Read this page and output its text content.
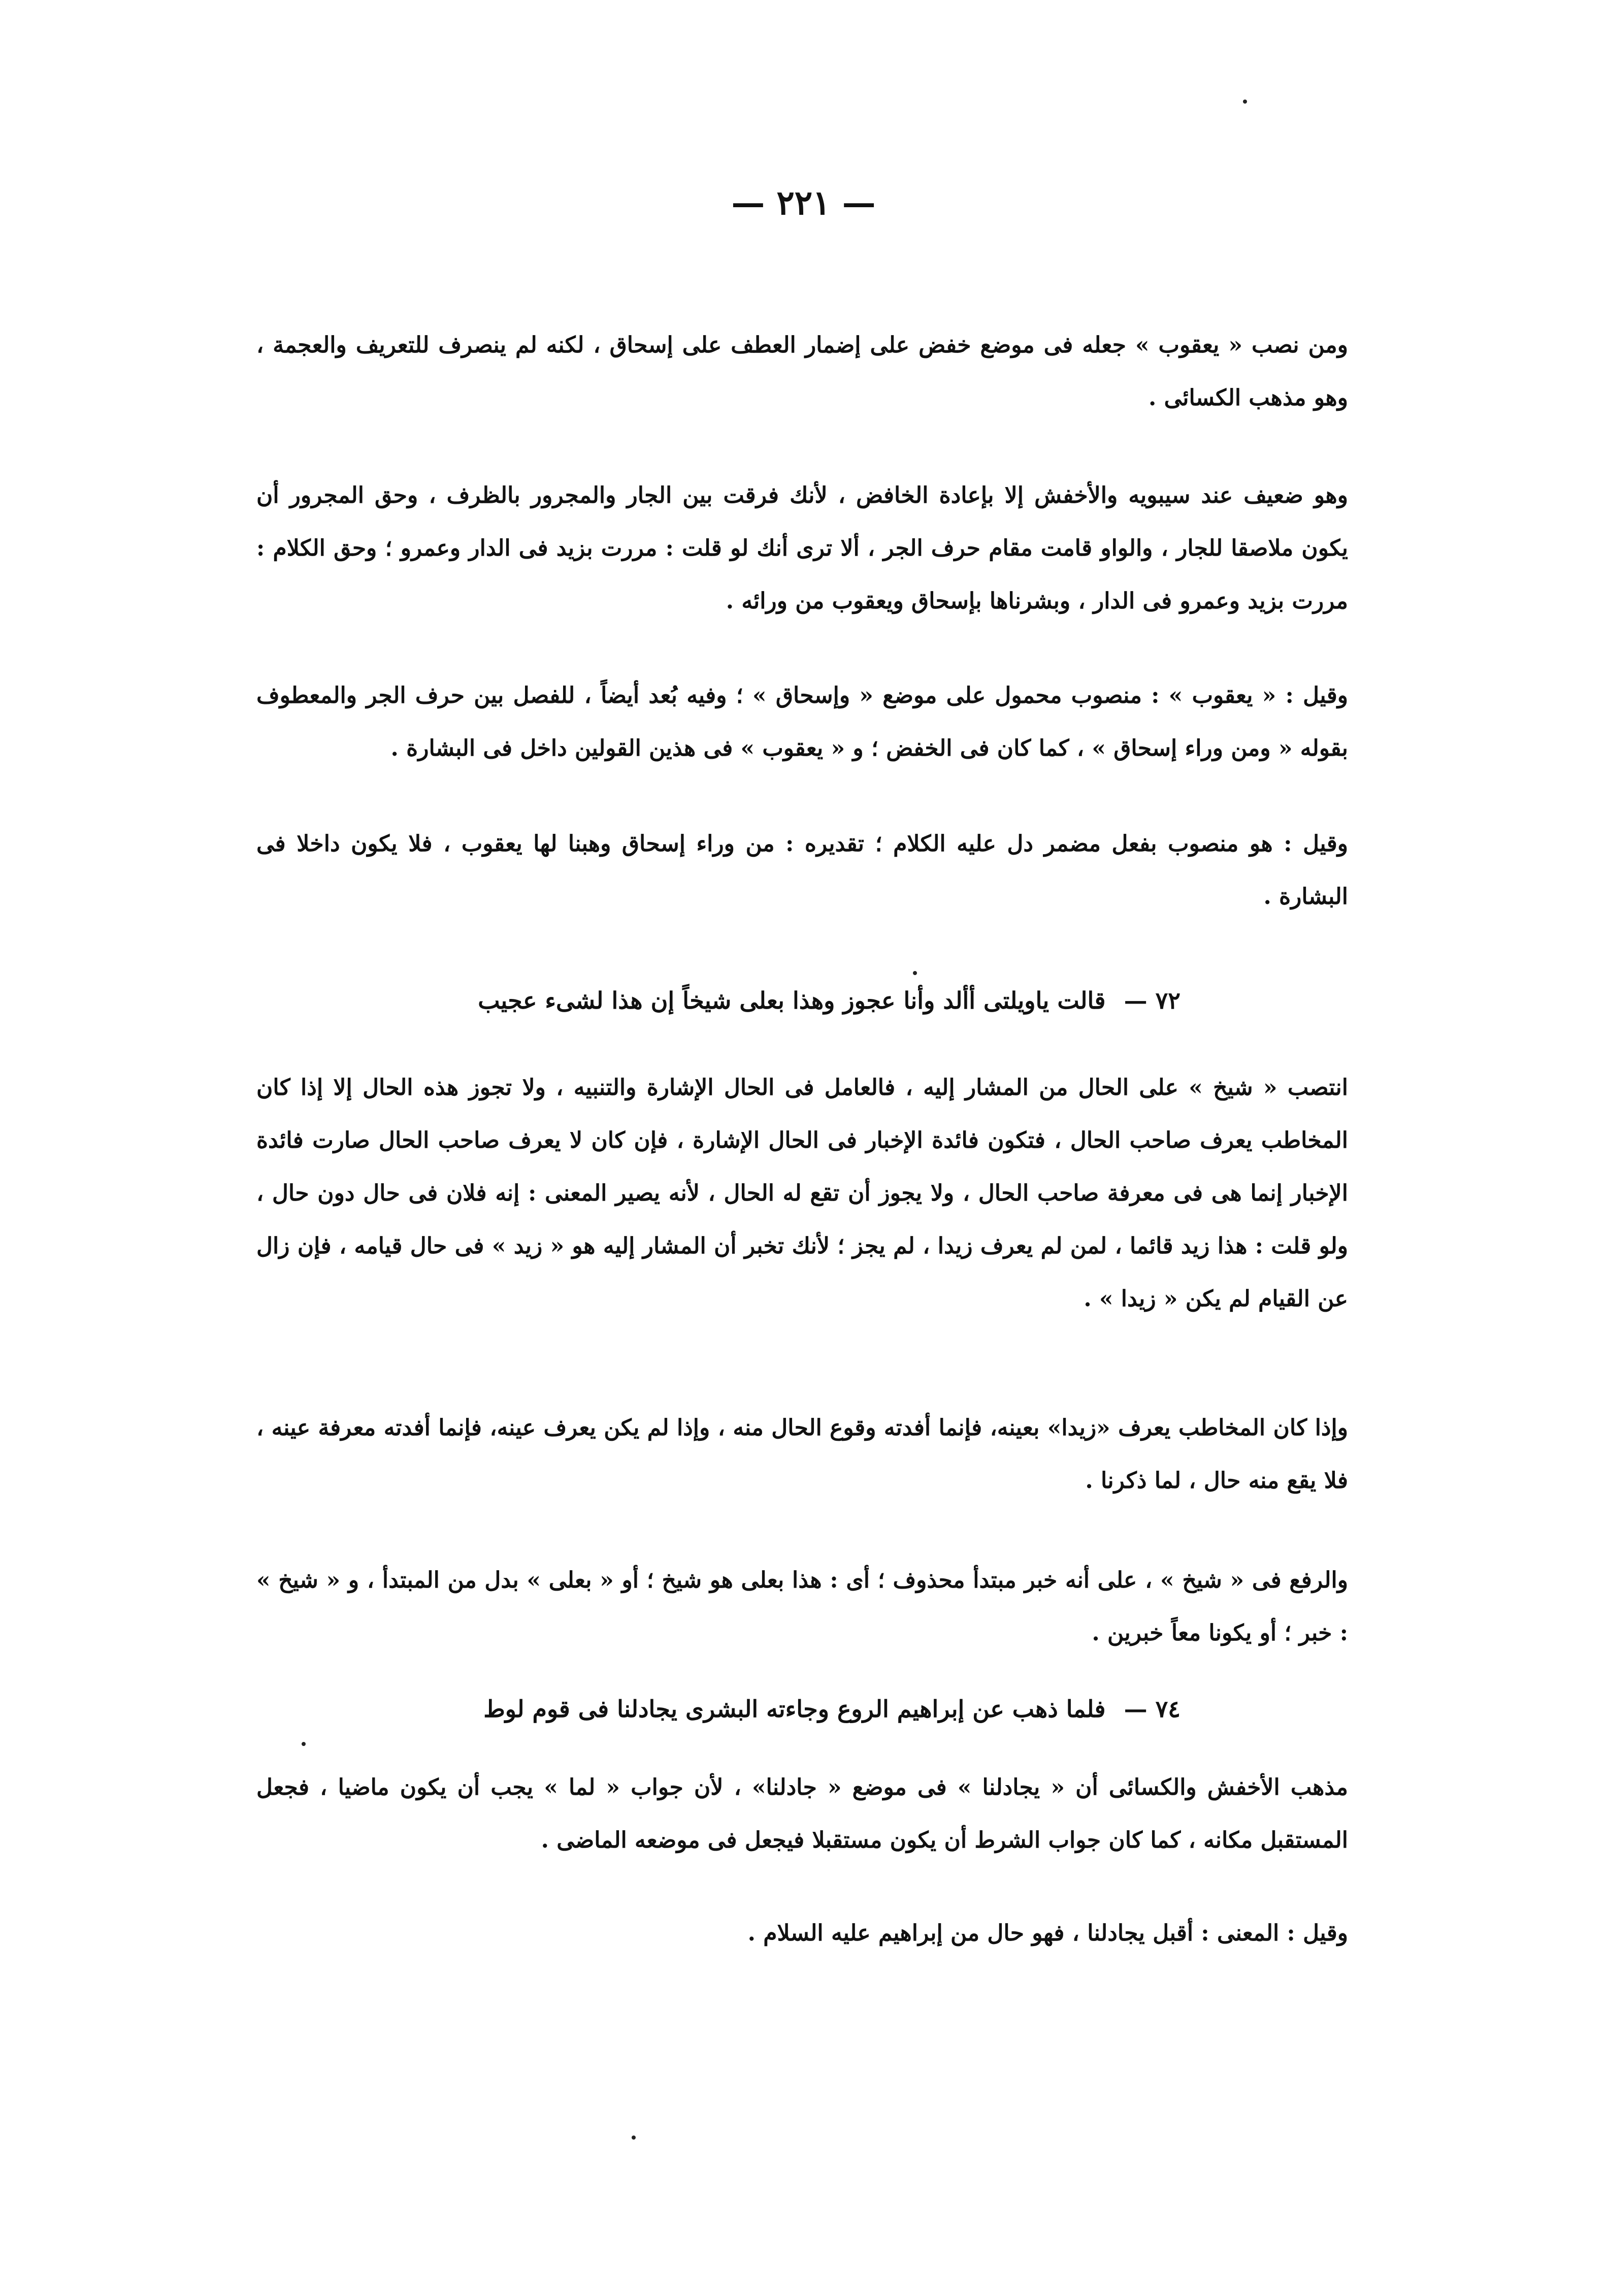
— ٢٢١ —

ومن نصب « يعقوب » جعله فى موضع خفض على إضمار العطف على إسحاق ، لكنه لم ينصرف للتعريف والعجمة ، وهو مذهب الكسائى .

وهو ضعيف عند سيبويه والأخفش إلا بإعادة الخافض ، لأنك فرقت بين الجار والمجرور بالظرف ، وحق المجرور أن يكون ملاصقا للجار ، والواو قامت مقام حرف الجر ، ألا ترى أنك لو قلت : مررت بزيد فى الدار وعمرو ؛ وحق الكلام : مررت بزيد وعمرو فى الدار ، وبشرناها بإسحاق ويعقوب من ورائه .

وقيل : « يعقوب » : منصوب محمول على موضع « وإسحاق » ؛ وفيه بُعد أيضاً ، للفصل بين حرف الجر والمعطوف بقوله « ومن وراء إسحاق » ، كما كان فى الخفض ؛ و « يعقوب » فى هذين القولين داخل فى البشارة .

وقيل : هو منصوب بفعل مضمر دل عليه الكلام ؛ تقديره : من وراء إسحاق وهبنا لها يعقوب ، فلا يكون داخلا فى البشارة .

٧٢ — قالت ياويلتى أألد وأنا عجوز وهذا بعلى شيخاً إن هذا لشىء عجيب

انتصب « شيخ » على الحال من المشار إليه ، فالعامل فى الحال الإشارة والتنبيه ، ولا تجوز هذه الحال إلا إذا كان المخاطب يعرف صاحب الحال ، فتكون فائدة الإخبار فى الحال الإشارة ، فإن كان لا يعرف صاحب الحال صارت فائدة الإخبار إنما هى فى معرفة صاحب الحال ، ولا يجوز أن تقع له الحال ، لأنه يصير المعنى : إنه فلان فى حال دون حال ، ولو قلت : هذا زيد قائما ، لمن لم يعرف زيدا ، لم يجز ؛ لأنك تخبر أن المشار إليه هو « زيد » فى حال قيامه ، فإن زال عن القيام لم يكن « زيدا » .

وإذا كان المخاطب يعرف «زيدا» بعينه، فإنما أفدته وقوع الحال منه ، وإذا لم يكن يعرف عينه، فإنما أفدته معرفة عينه ، فلا يقع منه حال ، لما ذكرنا .

والرفع فى « شيخ » ، على أنه خبر مبتدأ محذوف ؛ أى : هذا بعلى هو شيخ ؛ أو « بعلى » بدل من المبتدأ ، و « شيخ » : خبر ؛ أو يكونا معاً خبرين .

٧٤ — فلما ذهب عن إبراهيم الروع وجاءته البشرى يجادلنا فى قوم لوط

مذهب الأخفش والكسائى أن « يجادلنا » فى موضع « جادلنا» ، لأن جواب « لما » يجب أن يكون ماضيا ، فجعل المستقبل مكانه ، كما كان جواب الشرط أن يكون مستقبلا فيجعل فى موضعه الماضى .

وقيل : المعنى : أقبل يجادلنا ، فهو حال من إبراهيم عليه السلام .
